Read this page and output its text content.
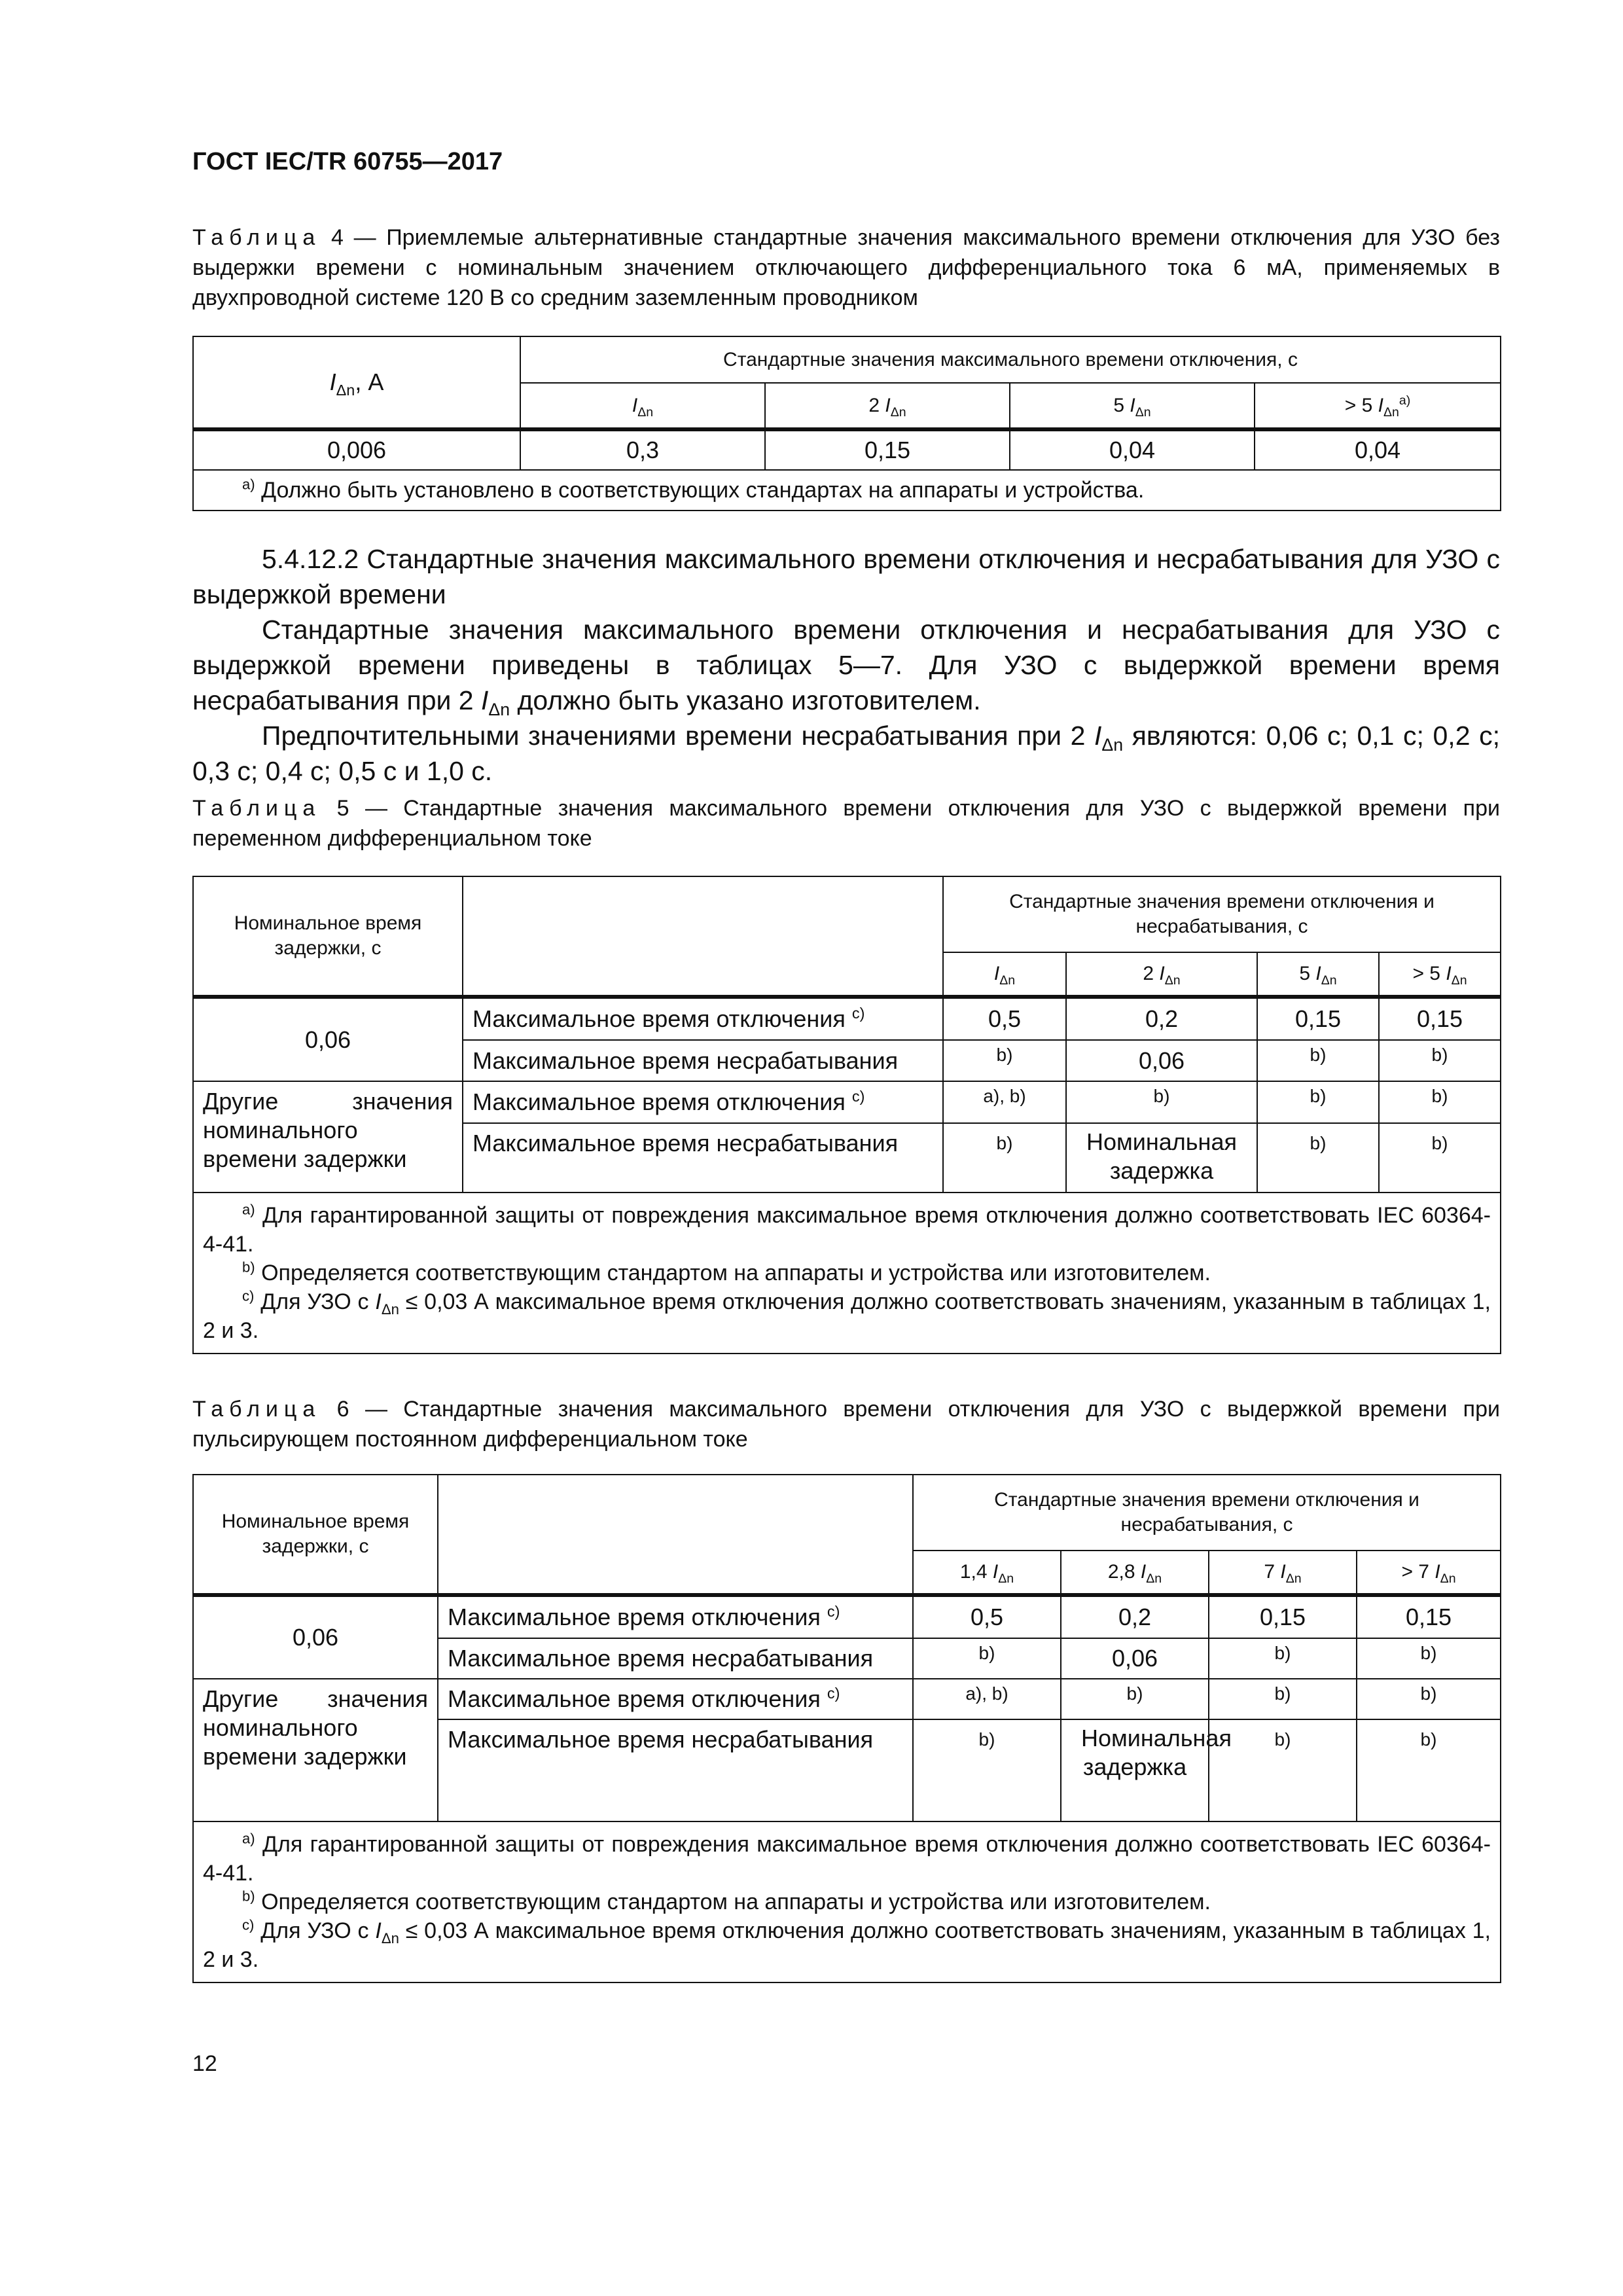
ГОСТ IEC/TR 60755—2017
Таблица 4 — Приемлемые альтернативные стандартные значения максимального времени отключения для УЗО без выдержки времени с номинальным значением отключающего дифференциального тока 6 мА, применяемых в двухпроводной системе 120 В со средним заземленным проводником
$I_{\Delta n}$, А	Стандартные значения максимального времени отключения, с			
	$I_{\Delta n}$	2 $I_{\Delta n}$	5 $I_{\Delta n}$	> 5 $I_{\Delta n}^{a)}$
0,006	0,3	0,15	0,04	0,04

$^{a)}$ Должно быть установлено в соответствующих стандартах на аппараты и устройства.				

5.4.12.2 Стандартные значения максимального времени отключения и несрабатывания для УЗО с выдержкой времени

Стандартные значения максимального времени отключения и несрабатывания для УЗО с выдержкой времени приведены в таблицах 5—7. Для УЗО с выдержкой времени время несрабатывания при 2 $I_{\Delta n}$ должно быть указано изготовителем.

Предпочтительными значениями времени несрабатывания при 2 $I_{\Delta n}$ являются: 0,06 с; 0,1 с; 0,2 с; 0,3 с; 0,4 с; 0,5 с и 1,0 с.

Таблица 5 — Стандартные значения максимального времени отключения для УЗО с выдержкой времени при переменном дифференциальном токе
Номинальное время задержки, с		Стандартные значения времени отключения и несрабатывания, с			
		$I_{\Delta n}$	2 $I_{\Delta n}$	5 $I_{\Delta n}$	> 5 $I_{\Delta n}$
0,06	Максимальное время отключения $^{c)}$	0,5	0,2	0,15	0,15
	Максимальное время несрабатывания	b)	0,06	b)	b)
Другие значения номинального времени задержки	Максимальное время отключения $^{c)}$	a), b)	b)	b)	b)
	Максимальное время несрабатывания	b)	Номинальная задержка	b)	b)

$^{a)}$ Для гарантированной защиты от повреждения максимальное время отключения должно соответствовать IEC 60364-4-41.
$^{b)}$ Определяется соответствующим стандартом на аппараты и устройства или изготовителем.
$^{c)}$ Для УЗО с $I_{\Delta n} \le 0,03$ А максимальное время отключения должно соответствовать значениям, указанным в таблицах 1, 2 и 3.					
Таблица 6 — Стандартные значения максимального времени отключения для УЗО с выдержкой времени при пульсирующем постоянном дифференциальном токе
Номинальное время задержки, с		Стандартные значения времени отключения и несрабатывания, с			
		1,4 $I_{\Delta n}$	2,8 $I_{\Delta n}$	7 $I_{\Delta n}$	> 7 $I_{\Delta n}$
0,06	Максимальное время отключения $^{c)}$	0,5	0,2	0,15	0,15
	Максимальное время несрабатывания	b)	0,06	b)	b)
Другие значения номинального времени задержки	Максимальное время отключения $^{c)}$	a), b)	b)	b)	b)
	Максимальное время несрабатывания	b)	Номинальная задержка	b)	b)

$^{a)}$ Для гарантированной защиты от повреждения максимальное время отключения должно соответствовать IEC 60364-4-41.
$^{b)}$ Определяется соответствующим стандартом на аппараты и устройства или изготовителем.
$^{c)}$ Для УЗО с $I_{\Delta n} \le 0,03$ А максимальное время отключения должно соответствовать значениям, указанным в таблицах 1, 2 и 3.					
12
